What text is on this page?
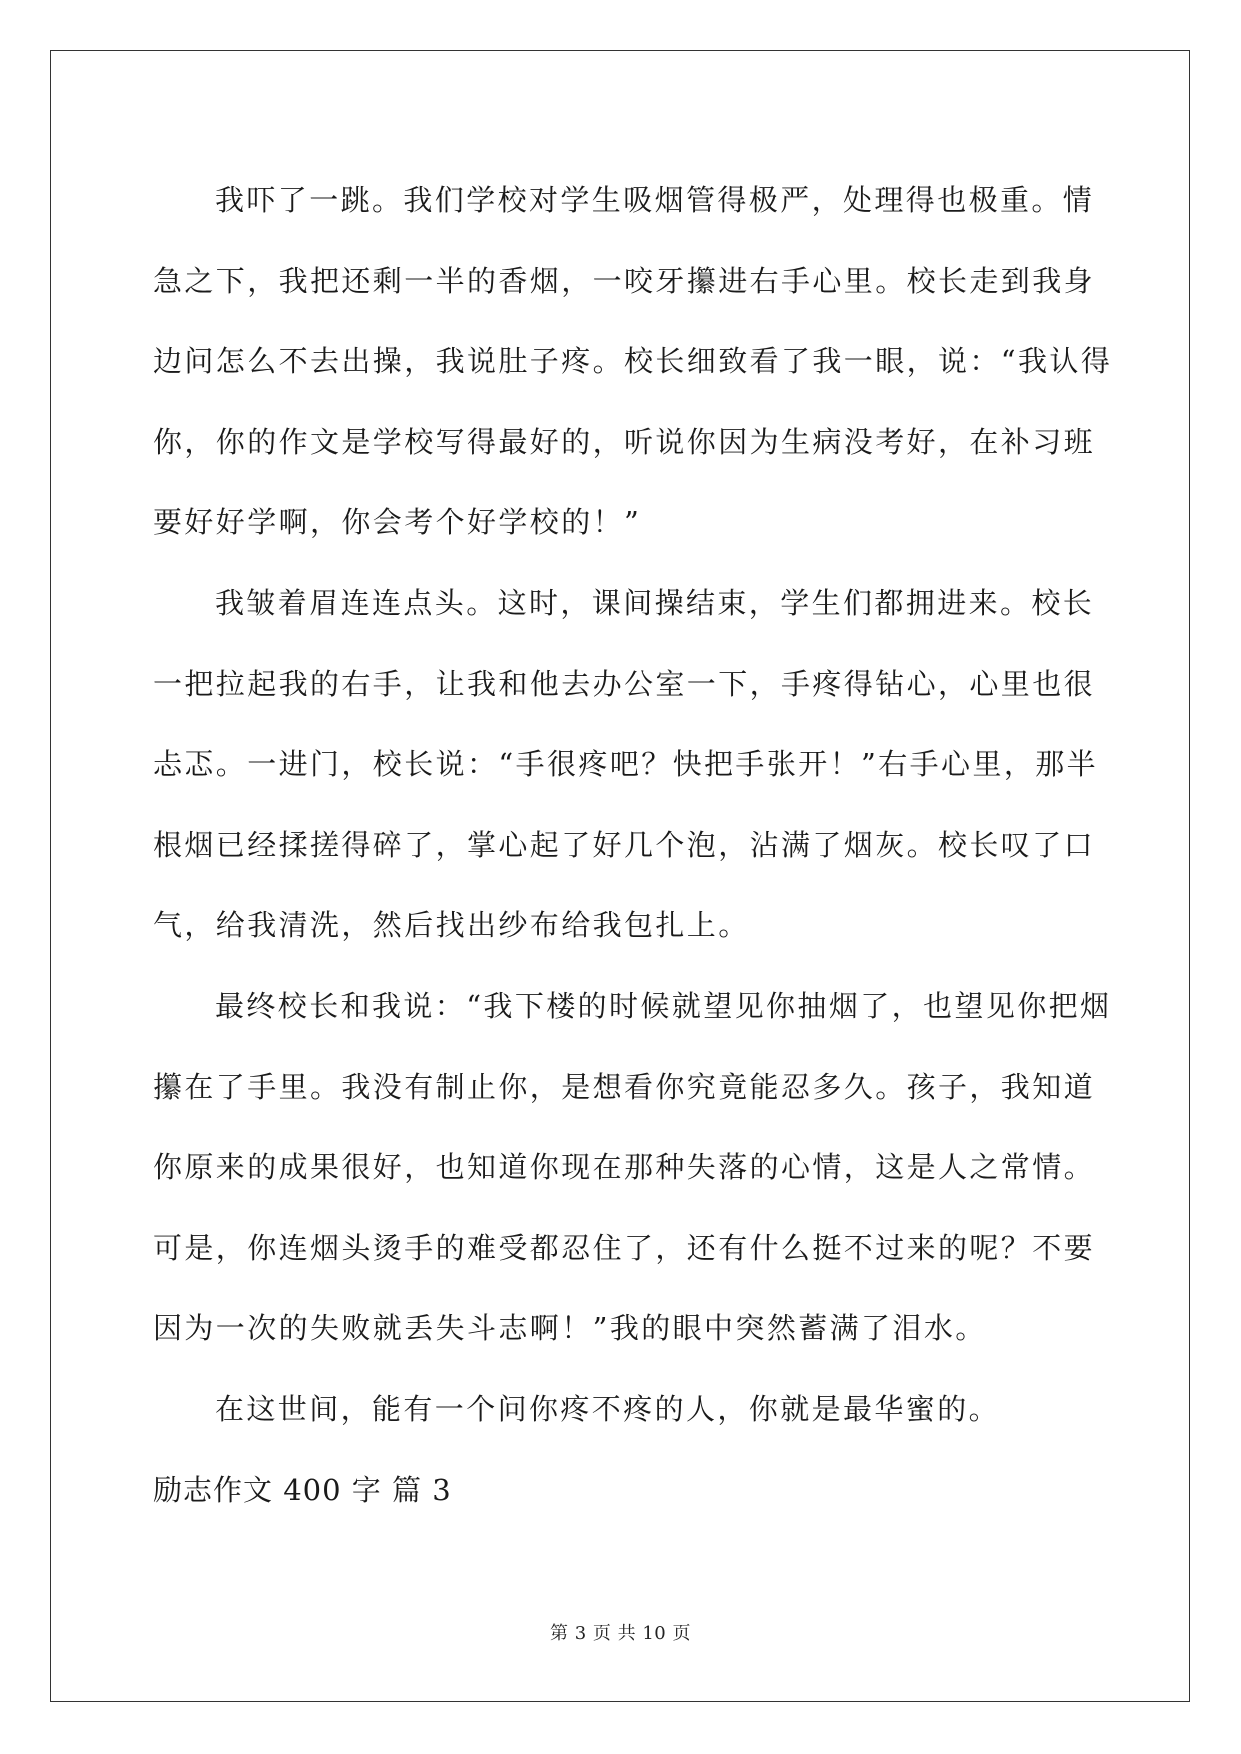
我吓了一跳。我们学校对学生吸烟管得极严，处理得也极重。情急之下，我把还剩一半的香烟，一咬牙攥进右手心里。校长走到我身边问怎么不去出操，我说肚子疼。校长细致看了我一眼，说：“我认得你，你的作文是学校写得最好的，听说你因为生病没考好，在补习班要好好学啊，你会考个好学校的！”

我皱着眉连连点头。这时，课间操结束，学生们都拥进来。校长一把拉起我的右手，让我和他去办公室一下，手疼得钻心，心里也很忐忑。一进门，校长说：“手很疼吧？快把手张开！”右手心里，那半根烟已经揉搓得碎了，掌心起了好几个泡，沾满了烟灰。校长叹了口气，给我清洗，然后找出纱布给我包扎上。

最终校长和我说：“我下楼的时候就望见你抽烟了，也望见你把烟攥在了手里。我没有制止你，是想看你究竟能忍多久。孩子，我知道你原来的成果很好，也知道你现在那种失落的心情，这是人之常情。可是，你连烟头烫手的难受都忍住了，还有什么挺不过来的呢？不要因为一次的失败就丢失斗志啊！”我的眼中突然蓄满了泪水。

在这世间，能有一个问你疼不疼的人，你就是最华蜜的。

励志作文 400 字 篇 3

第 3 页 共 10 页
